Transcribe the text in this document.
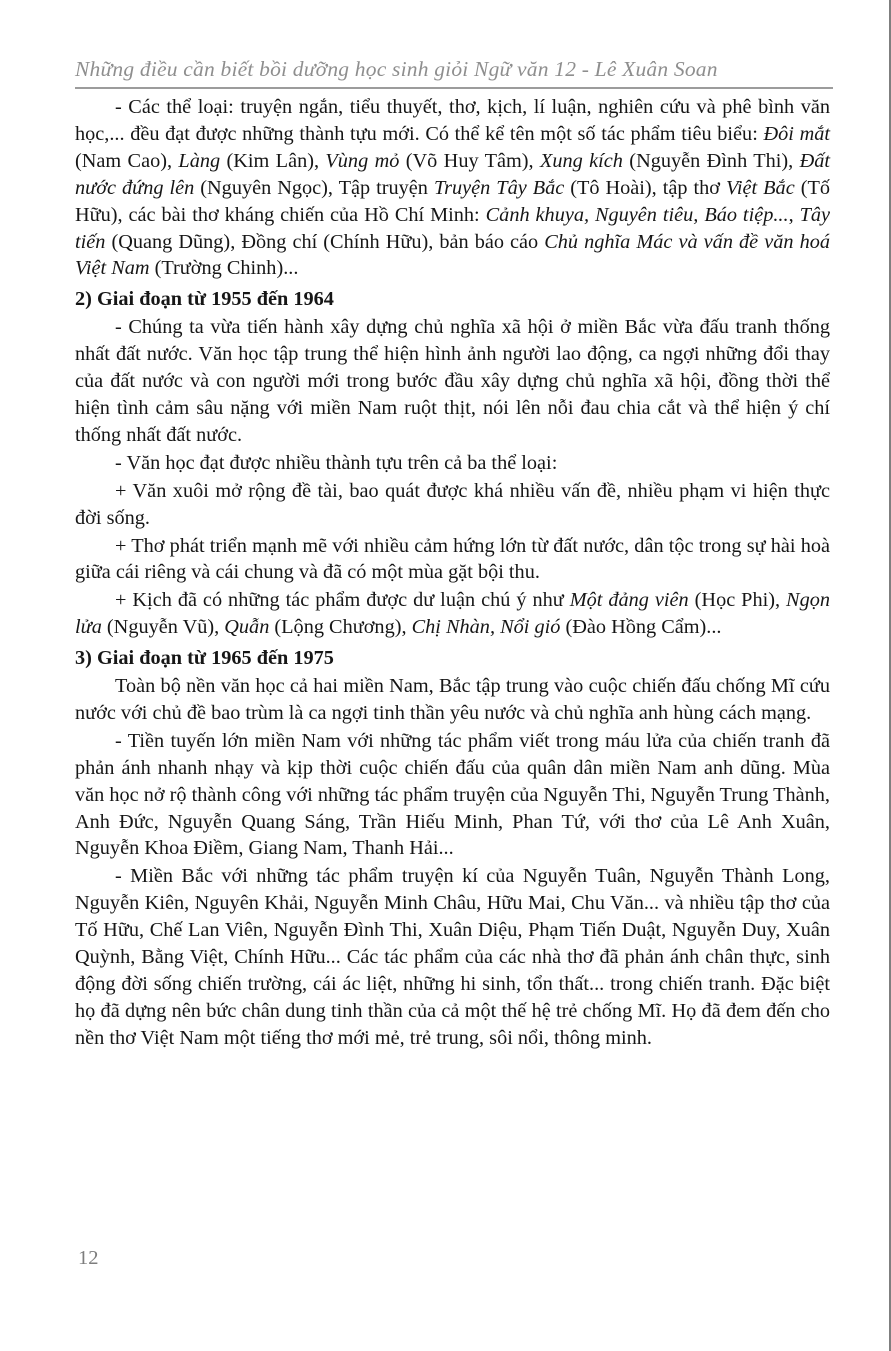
Những điều cần biết bồi dưỡng học sinh giỏi Ngữ văn 12 - Lê Xuân Soan

- Các thể loại: truyện ngắn, tiểu thuyết, thơ, kịch, lí luận, nghiên cứu và phê bình văn học,... đều đạt được những thành tựu mới. Có thể kể tên một số tác phẩm tiêu biểu: Đôi mắt (Nam Cao), Làng (Kim Lân), Vùng mỏ (Võ Huy Tâm), Xung kích (Nguyễn Đình Thi), Đất nước đứng lên (Nguyên Ngọc), Tập truyện Truyện Tây Bắc (Tô Hoài), tập thơ Việt Bắc (Tố Hữu), các bài thơ kháng chiến của Hồ Chí Minh: Cảnh khuya, Nguyên tiêu, Báo tiệp..., Tây tiến (Quang Dũng), Đồng chí (Chính Hữu), bản báo cáo Chủ nghĩa Mác và vấn đề văn hoá Việt Nam (Trường Chinh)...

2) Giai đoạn từ 1955 đến 1964

- Chúng ta vừa tiến hành xây dựng chủ nghĩa xã hội ở miền Bắc vừa đấu tranh thống nhất đất nước. Văn học tập trung thể hiện hình ảnh người lao động, ca ngợi những đổi thay của đất nước và con người mới trong bước đầu xây dựng chủ nghĩa xã hội, đồng thời thể hiện tình cảm sâu nặng với miền Nam ruột thịt, nói lên nỗi đau chia cắt và thể hiện ý chí thống nhất đất nước.

- Văn học đạt được nhiều thành tựu trên cả ba thể loại:

+ Văn xuôi mở rộng đề tài, bao quát được khá nhiều vấn đề, nhiều phạm vi hiện thực đời sống.

+ Thơ phát triển mạnh mẽ với nhiều cảm hứng lớn từ đất nước, dân tộc trong sự hài hoà giữa cái riêng và cái chung và đã có một mùa gặt bội thu.

+ Kịch đã có những tác phẩm được dư luận chú ý như Một đảng viên (Học Phi), Ngọn lửa (Nguyễn Vũ), Quẫn (Lộng Chương), Chị Nhàn, Nổi gió (Đào Hồng Cẩm)...

3) Giai đoạn từ 1965 đến 1975

Toàn bộ nền văn học cả hai miền Nam, Bắc tập trung vào cuộc chiến đấu chống Mĩ cứu nước với chủ đề bao trùm là ca ngợi tinh thần yêu nước và chủ nghĩa anh hùng cách mạng.

- Tiền tuyến lớn miền Nam với những tác phẩm viết trong máu lửa của chiến tranh đã phản ánh nhanh nhạy và kịp thời cuộc chiến đấu của quân dân miền Nam anh dũng. Mùa văn học nở rộ thành công với những tác phẩm truyện của Nguyễn Thi, Nguyễn Trung Thành, Anh Đức, Nguyễn Quang Sáng, Trần Hiếu Minh, Phan Tứ, với thơ của Lê Anh Xuân, Nguyễn Khoa Điềm, Giang Nam, Thanh Hải...

- Miền Bắc với những tác phẩm truyện kí của Nguyễn Tuân, Nguyễn Thành Long, Nguyễn Kiên, Nguyên Khải, Nguyễn Minh Châu, Hữu Mai, Chu Văn... và nhiều tập thơ của Tố Hữu, Chế Lan Viên, Nguyễn Đình Thi, Xuân Diệu, Phạm Tiến Duật, Nguyễn Duy, Xuân Quỳnh, Bằng Việt, Chính Hữu... Các tác phẩm của các nhà thơ đã phản ánh chân thực, sinh động đời sống chiến trường, cái ác liệt, những hi sinh, tổn thất... trong chiến tranh. Đặc biệt họ đã dựng nên bức chân dung tinh thần của cả một thế hệ trẻ chống Mĩ. Họ đã đem đến cho nền thơ Việt Nam một tiếng thơ mới mẻ, trẻ trung, sôi nổi, thông minh.

12
